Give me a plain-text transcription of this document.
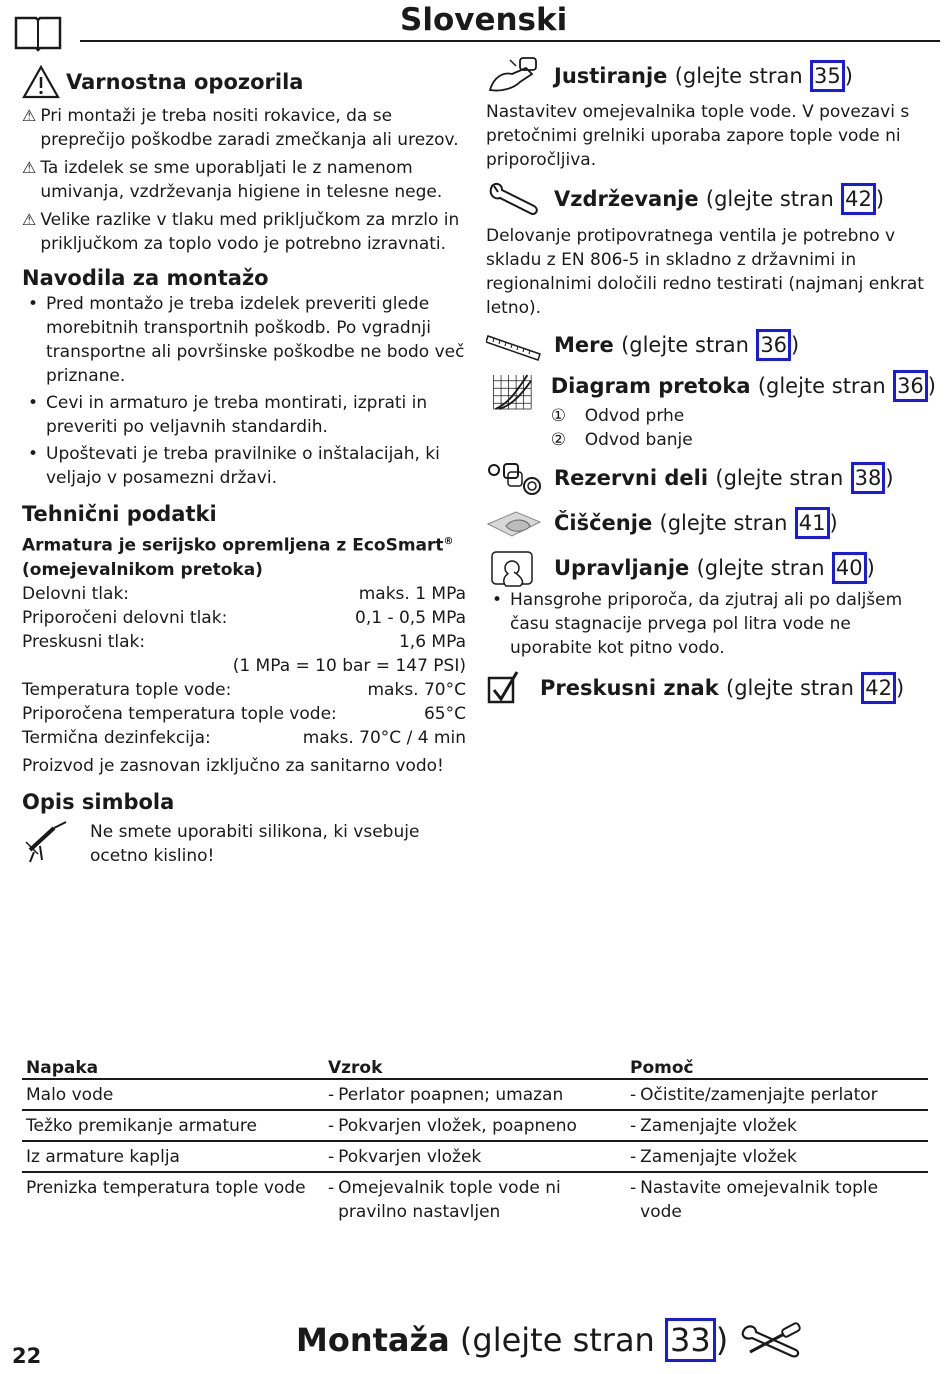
Slovenski
Varnostna opozorila
⚠ Pri montaži je treba nositi rokavice, da se preprečijo poškodbe zaradi zmečkanja ali urezov.
⚠ Ta izdelek se sme uporabljati le z namenom umivanja, vzdrževanja higiene in telesne nege.
⚠ Velike razlike v tlaku med priključkom za mrzlo in priključkom za toplo vodo je potrebno izravnati.
Navodila za montažo
• Pred montažo je treba izdelek preveriti glede morebitnih transportnih poškodb. Po vgradnji transportne ali površinske poškodbe ne bodo več priznane.
• Cevi in armaturo je treba montirati, izprati in preveriti po veljavnih standardih.
• Upoštevati je treba pravilnike o inštalacijah, ki veljajo v posamezni državi.
Tehnični podatki
Armatura je serijsko opremljena z EcoSmart®
(omejevalnikom pretoka)
Delovni tlak:	maks. 1 MPa
Priporočeni delovni tlak:	0,1 - 0,5 MPa
Preskusni tlak:	1,6 MPa
(1 MPa = 10 bar = 147 PSI)
Temperatura tople vode:	maks. 70°C
Priporočena temperatura tople vode:	65°C
Termična dezinfekcija:	maks. 70°C / 4 min
Proizvod je zasnovan izključno za sanitarno vodo!
Opis simbola
Ne smete uporabiti silikona, ki vsebuje ocetno kislino!
Justiranje (glejte stran 35 )
Nastavitev omejevalnika tople vode. V povezavi s pretočnimi grelniki uporaba zapore tople vode ni priporočljiva.
Vzdrževanje (glejte stran 42 )
Delovanje protipovratnega ventila je potrebno v skladu z EN 806-5 in skladno z državnimi in regionalnimi določili redno testirati (najmanj enkrat letno).
Mere (glejte stran 36 )
Diagram pretoka (glejte stran 36 )
① Odvod prhe
② Odvod banje
Rezervni deli (glejte stran 38 )
Čiščenje (glejte stran 41 )
Upravljanje (glejte stran 40 )
• Hansgrohe priporoča, da zjutraj ali po daljšem času stagnacije prvega pol litra vode ne uporabite kot pitno vodo.
Preskusni znak (glejte stran 42 )
Napaka	Vzrok	Pomoč
Malo vode	- Perlator poapnen; umazan	- Očistite/zamenjajte perlator

Težko premikanje armature	- Pokvarjen vložek, poapneno	- Zamenjajte vložek

Iz armature kaplja	- Pokvarjen vložek	- Zamenjajte vložek

Prenizka temperatura tople vode	- Omejevalnik tople vode ni pravilno nastavljen	- Nastavite omejevalnik tople vode
22	Montaža (glejte stran 33 )
